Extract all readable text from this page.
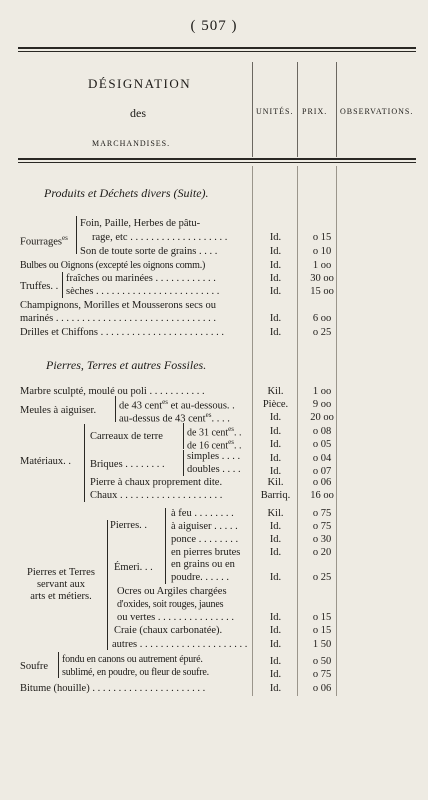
( 507 )
DÉSIGNATION
des
MARCHANDISES.
UNITÉS. PRIX. OBSERVATIONS.
Produits et Déchets divers (Suite).
Fourrages$^{es}$
Foin, Paille, Herbes de pâtu-
rage, etc . . . . . . . . . . . . . . . . . . .	Id.	o 15
Son de toute sorte de grains . . . .	Id.	o 10
Bulbes ou Oignons (excepté les oignons comm.)	Id.	1 oo
Truffes. .
fraîches ou marinées . . . . . . . . . . . .	Id.	30 oo
sèches . . . . . . . . . . . . . . . . . . . . . . . .	Id.	15 oo
Champignons, Morilles et Mousserons secs ou
marinés . . . . . . . . . . . . . . . . . . . . . . . . . . . . . . .	Id.	6 oo
Drilles et Chiffons . . . . . . . . . . . . . . . . . . . . . . . .	Id.	o 25
Pierres, Terres et autres Fossiles.
Marbre sculpté, moulé ou poli . . . . . . . . . . .	Kil.	1 oo
Meules à aiguiser. de 43 cent$^{es}$ et au-dessous. .	Pièce.	9 oo
au-dessus de 43 cent$^{es}$. . . .	Id.	20 oo
Matériaux. .
Carreaux de terre de 31 cent$^{es}$. .	Id.	o 08
de 16 cent$^{es}$. .	Id.	o 05
Briques . . . . . . . .
simples . . . .	Id.	o 04
doubles . . . .	Id.	o 07
Pierre à chaux proprement dite.	Kil.	o 06
Chaux . . . . . . . . . . . . . . . . . . . .	Barriq.	16 oo
Pierres et Terres
servant aux
arts et métiers.
Pierres. .
à feu . . . . . . . .	Kil.	o 75
à aiguiser . . . . .	Id.	o 75
ponce . . . . . . . .	Id.	o 30
Émeri. . .
en pierres brutes	Id.	o 20
en grains ou en
poudre. . . . . .	Id.	o 25
Ocres ou Argiles chargées
d'oxides, soit rouges, jaunes
ou vertes . . . . . . . . . . . . . . .	Id.	o 15
Craie (chaux carbonatée).	Id.	o 15
autres . . . . . . . . . . . . . . . . . . . . .	Id.	1 50
Soufre
fondu en canons ou autrement épuré.	Id.	o 50
sublimé, en poudre, ou fleur de soufre.	Id.	o 75
Bitume (houille) . . . . . . . . . . . . . . . . . . . . . .	Id.	o 06
